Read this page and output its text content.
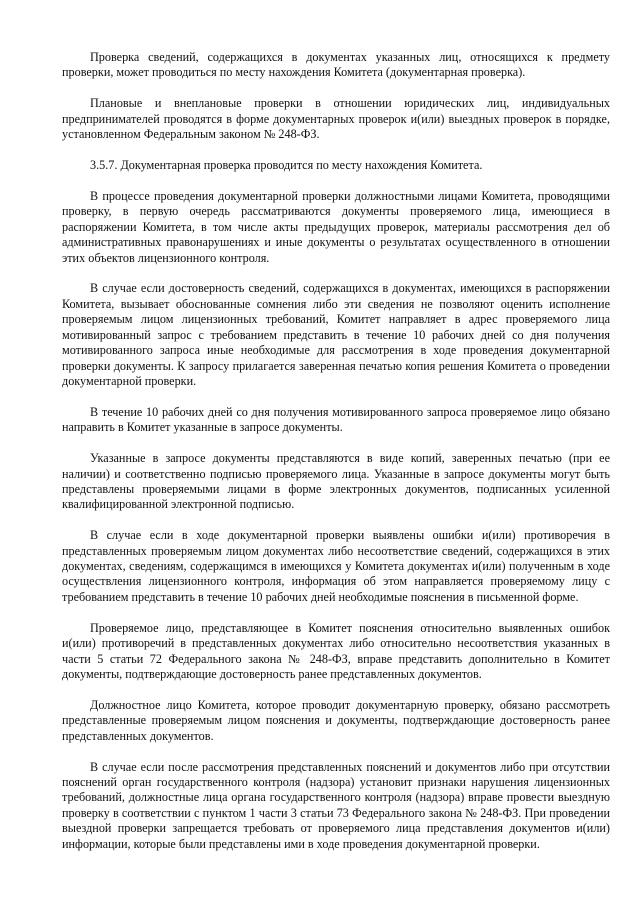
Проверка сведений, содержащихся в документах указанных лиц, относящихся к предмету проверки, может проводиться по месту нахождения Комитета (документарная проверка).

Плановые и внеплановые проверки в отношении юридических лиц, индивидуальных предпринимателей проводятся в форме документарных проверок и(или) выездных проверок в порядке, установленном Федеральным законом № 248-ФЗ.

3.5.7. Документарная проверка проводится по месту нахождения Комитета.

В процессе проведения документарной проверки должностными лицами Комитета, проводящими проверку, в первую очередь рассматриваются документы проверяемого лица, имеющиеся в распоряжении Комитета, в том числе акты предыдущих проверок, материалы рассмотрения дел об административных правонарушениях и иные документы о результатах осуществленного в отношении этих объектов лицензионного контроля.

В случае если достоверность сведений, содержащихся в документах, имеющихся в распоряжении Комитета, вызывает обоснованные сомнения либо эти сведения не позволяют оценить исполнение проверяемым лицом лицензионных требований, Комитет направляет в адрес проверяемого лица мотивированный запрос с требованием представить в течение 10 рабочих дней со дня получения мотивированного запроса иные необходимые для рассмотрения в ходе проведения документарной проверки документы. К запросу прилагается заверенная печатью копия решения Комитета о проведении документарной проверки.

В течение 10 рабочих дней со дня получения мотивированного запроса проверяемое лицо обязано направить в Комитет указанные в запросе документы.

Указанные в запросе документы представляются в виде копий, заверенных печатью (при ее наличии) и соответственно подписью проверяемого лица. Указанные в запросе документы могут быть представлены проверяемыми лицами в форме электронных документов, подписанных усиленной квалифицированной электронной подписью.

В случае если в ходе документарной проверки выявлены ошибки и(или) противоречия в представленных проверяемым лицом документах либо несоответствие сведений, содержащихся в этих документах, сведениям, содержащимся в имеющихся у Комитета документах и(или) полученным в ходе осуществления лицензионного контроля, информация об этом направляется проверяемому лицу с требованием представить в течение 10 рабочих дней необходимые пояснения в письменной форме.

Проверяемое лицо, представляющее в Комитет пояснения относительно выявленных ошибок и(или) противоречий в представленных документах либо относительно несоответствия указанных в части 5 статьи 72 Федерального закона № 248-ФЗ, вправе представить дополнительно в Комитет документы, подтверждающие достоверность ранее представленных документов.

Должностное лицо Комитета, которое проводит документарную проверку, обязано рассмотреть представленные проверяемым лицом пояснения и документы, подтверждающие достоверность ранее представленных документов.

В случае если после рассмотрения представленных пояснений и документов либо при отсутствии пояснений орган государственного контроля (надзора) установит признаки нарушения лицензионных требований, должностные лица органа государственного контроля (надзора) вправе провести выездную проверку в соответствии с пунктом 1 части 3 статьи 73 Федерального закона № 248-ФЗ. При проведении выездной проверки запрещается требовать от проверяемого лица представления документов и(или) информации, которые были представлены ими в ходе проведения документарной проверки.
